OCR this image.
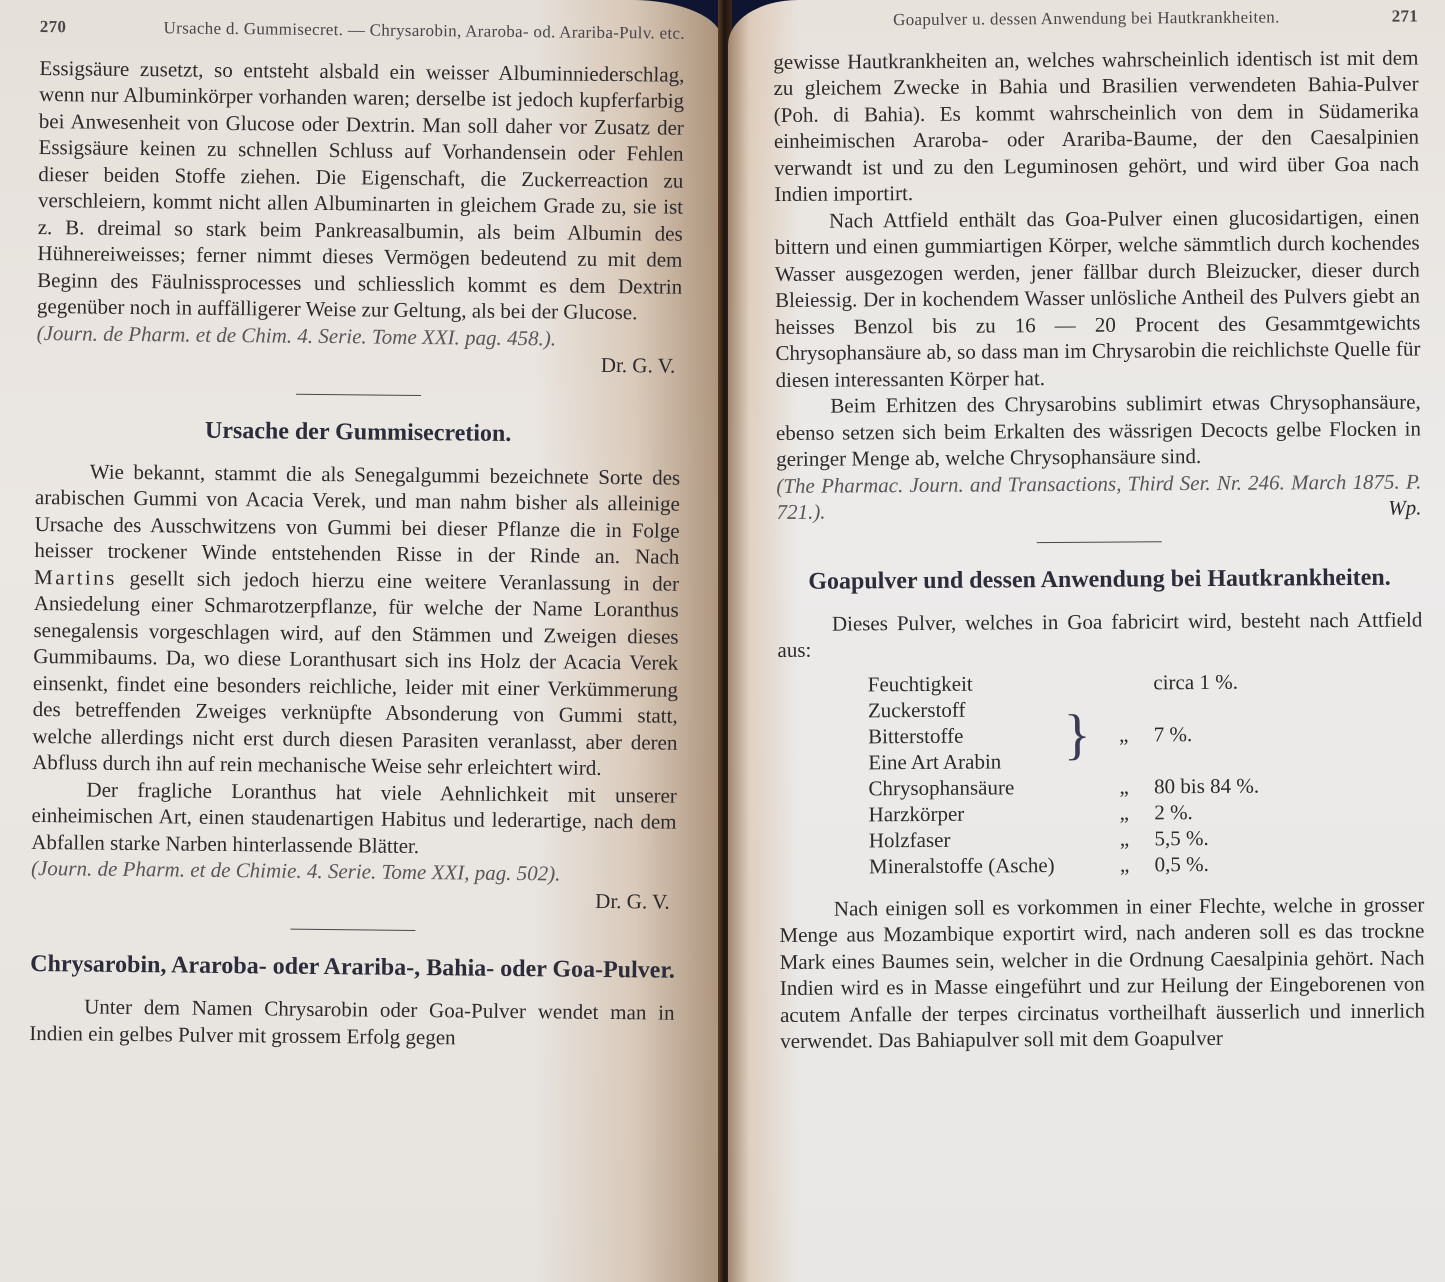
270	Ursache d. Gummisecret. — Chrysarobin, Araroba- od. Arariba-Pulv. etc.

Essigsäure zusetzt, so entsteht alsbald ein weisser Albuminniederschlag, wenn nur Albuminkörper vorhanden waren; derselbe ist jedoch kupferfarbig bei Anwesenheit von Glucose oder Dextrin. Man soll daher vor Zusatz der Essigsäure keinen zu schnellen Schluss auf Vorhandensein oder Fehlen dieser beiden Stoffe ziehen. Die Eigenschaft, die Zuckerreaction zu verschleiern, kommt nicht allen Albuminarten in gleichem Grade zu, sie ist z. B. dreimal so stark beim Pankreasalbumin, als beim Albumin des Hühnereiweisses; ferner nimmt dieses Vermögen bedeutend zu mit dem Beginn des Fäulnissprocesses und schliesslich kommt es dem Dextrin gegenüber noch in auffälligerer Weise zur Geltung, als bei der Glucose.

(Journ. de Pharm. et de Chim. 4. Serie. Tome XXI. pag. 458.).

Dr. G. V.

Ursache der Gummisecretion.

Wie bekannt, stammt die als Senegalgummi bezeichnete Sorte des arabischen Gummi von Acacia Verek, und man nahm bisher als alleinige Ursache des Ausschwitzens von Gummi bei dieser Pflanze die in Folge heisser trockener Winde entstehenden Risse in der Rinde an. Nach Martins gesellt sich jedoch hierzu eine weitere Veranlassung in der Ansiedelung einer Schmarotzerpflanze, für welche der Name Loranthus senegalensis vorgeschlagen wird, auf den Stämmen und Zweigen dieses Gummibaums. Da, wo diese Loranthusart sich ins Holz der Acacia Verek einsenkt, findet eine besonders reichliche, leider mit einer Verkümmerung des betreffenden Zweiges verknüpfte Absonderung von Gummi statt, welche allerdings nicht erst durch diesen Parasiten veranlasst, aber deren Abfluss durch ihn auf rein mechanische Weise sehr erleichtert wird.

Der fragliche Loranthus hat viele Aehnlichkeit mit unserer einheimischen Art, einen staudenartigen Habitus und lederartige, nach dem Abfallen starke Narben hinterlassende Blätter.

(Journ. de Pharm. et de Chimie. 4. Serie. Tome XXI, pag. 502).

Dr. G. V.

Chrysarobin, Araroba- oder Arariba-, Bahia- oder Goa-Pulver.

Unter dem Namen Chrysarobin oder Goa-Pulver wendet man in Indien ein gelbes Pulver mit grossem Erfolg gegen

Goapulver u. dessen Anwendung bei Hautkrankheiten.	271

gewisse Hautkrankheiten an, welches wahrscheinlich identisch ist mit dem zu gleichem Zwecke in Bahia und Brasilien verwendeten Bahia-Pulver (Poh. di Bahia). Es kommt wahrscheinlich von dem in Südamerika einheimischen Araroba- oder Arariba-Baume, der den Caesalpinien verwandt ist und zu den Leguminosen gehört, und wird über Goa nach Indien importirt.

Nach Attfield enthält das Goa-Pulver einen glucosidartigen, einen bittern und einen gummiartigen Körper, welche sämmtlich durch kochendes Wasser ausgezogen werden, jener fällbar durch Bleizucker, dieser durch Bleiessig. Der in kochendem Wasser unlösliche Antheil des Pulvers giebt an heisses Benzol bis zu 16 — 20 Procent des Gesammtgewichts Chrysophansäure ab, so dass man im Chrysarobin die reichlichste Quelle für diesen interessanten Körper hat.

Beim Erhitzen des Chrysarobins sublimirt etwas Chrysophansäure, ebenso setzen sich beim Erkalten des wässrigen Decocts gelbe Flocken in geringer Menge ab, welche Chrysophansäure sind.

(The Pharmac. Journ. and Transactions, Third Ser. Nr. 246. March 1875. P. 721.).	Wp.

Goapulver und dessen Anwendung bei Hautkrankheiten.

Dieses Pulver, welches in Goa fabricirt wird, besteht nach Attfield aus:

Feuchtigkeit			circa 1 %.
Zuckerstoff	}		

Bitterstoffe		„	7 %.
Eine Art Arabin			
Chrysophansäure		„	80 bis 84 %.
Harzkörper		„	2 %.
Holzfaser		„	5,5 %.
Mineralstoffe (Asche)		„	0,5 %.

Nach einigen soll es vorkommen in einer Flechte, welche in grosser Menge aus Mozambique exportirt wird, nach anderen soll es das trockne Mark eines Baumes sein, welcher in die Ordnung Caesalpinia gehört. Nach Indien wird es in Masse eingeführt und zur Heilung der Eingeborenen von acutem Anfalle der terpes circinatus vortheilhaft äusserlich und innerlich verwendet. Das Bahiapulver soll mit dem Goapulver
